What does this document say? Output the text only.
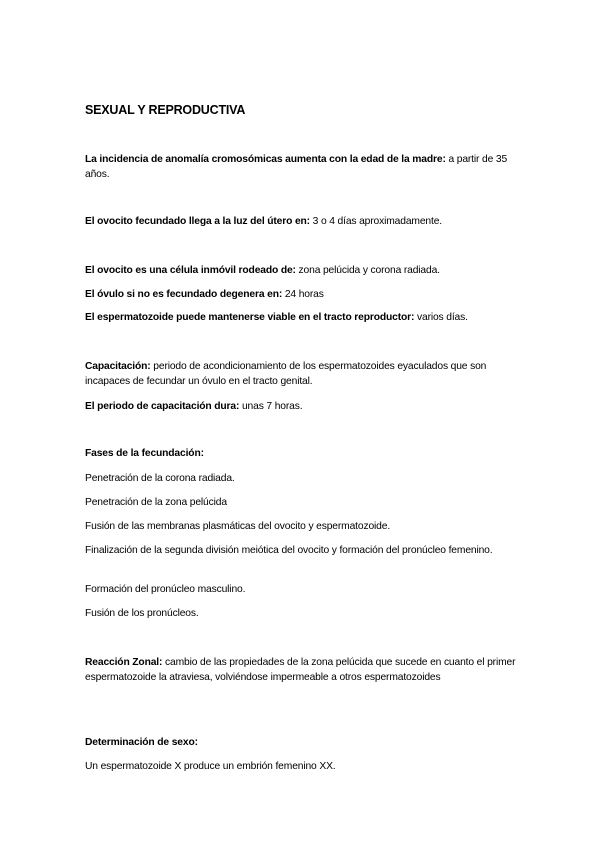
SEXUAL Y REPRODUCTIVA
La incidencia de anomalía cromosómicas aumenta con la edad de la madre: a partir de 35 años.
El ovocito fecundado llega a la luz del útero en: 3 o 4 días aproximadamente.
El ovocito es una célula inmóvil rodeado de: zona pelúcida y corona radiada.
El óvulo si no es fecundado degenera en: 24 horas
El espermatozoide puede mantenerse viable en el tracto reproductor: varios días.
Capacitación: periodo de acondicionamiento de los espermatozoides eyaculados que son incapaces de fecundar un óvulo en el tracto genital.
El periodo de capacitación dura: unas 7 horas.
Fases de la fecundación:
Penetración de la corona radiada.
Penetración de la zona pelúcida
Fusión de las membranas plasmáticas del ovocito y espermatozoide.
Finalización de la segunda división meiótica del ovocito y formación del pronúcleo femenino.
Formación del pronúcleo masculino.
Fusión de los pronúcleos.
Reacción Zonal: cambio de las propiedades de la zona pelúcida que sucede en cuanto el primer espermatozoide la atraviesa, volviéndose impermeable a otros espermatozoides
Determinación de sexo:
Un espermatozoide X produce un embrión femenino XX.
